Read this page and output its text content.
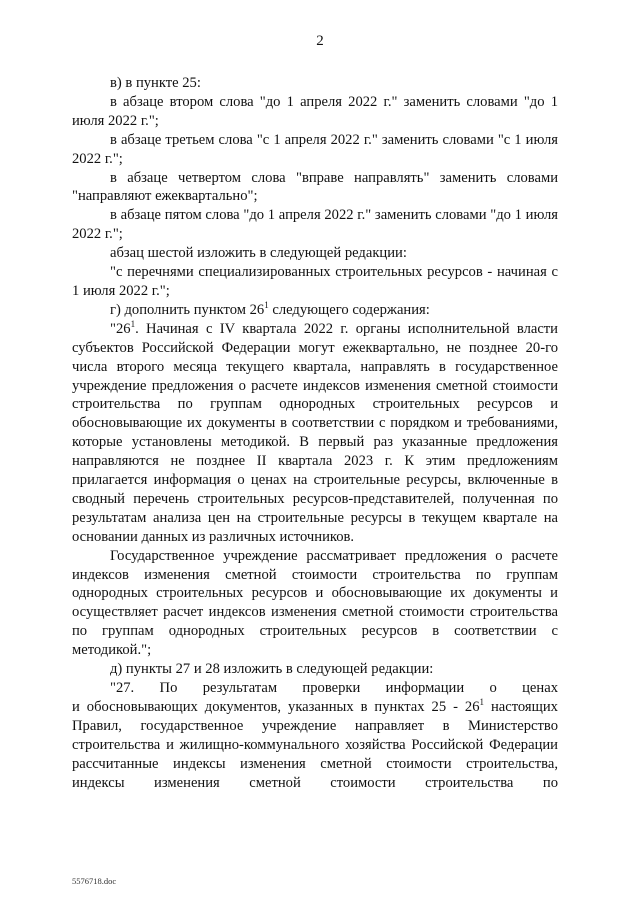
2

в) в пункте 25:

в абзаце втором слова "до 1 апреля 2022 г." заменить словами "до 1 июля 2022 г.";

в абзаце третьем слова "с 1 апреля 2022 г." заменить словами "с 1 июля 2022 г.";

в абзаце четвертом слова "вправе направлять" заменить словами "направляют ежеквартально";

в абзаце пятом слова "до 1 апреля 2022 г." заменить словами "до 1 июля 2022 г.";

абзац шестой изложить в следующей редакции:

"с перечнями специализированных строительных ресурсов - начиная с 1 июля 2022 г.";

г) дополнить пунктом $26^1$ следующего содержания:

"$26^1$. Начиная с IV квартала 2022 г. органы исполнительной власти субъектов Российской Федерации могут ежеквартально, не позднее 20-го числа второго месяца текущего квартала, направлять в государственное учреждение предложения о расчете индексов изменения сметной стоимости строительства по группам однородных строительных ресурсов и обосновывающие их документы в соответствии с порядком и требованиями, которые установлены методикой. В первый раз указанные предложения направляются не позднее II квартала 2023 г. К этим предложениям прилагается информация о ценах на строительные ресурсы, включенные в сводный перечень строительных ресурсов-представителей, полученная по результатам анализа цен на строительные ресурсы в текущем квартале на основании данных из различных источников.

Государственное учреждение рассматривает предложения о расчете индексов изменения сметной стоимости строительства по группам однородных строительных ресурсов и обосновывающие их документы и осуществляет расчет индексов изменения сметной стоимости строительства по группам однородных строительных ресурсов в соответствии с методикой.";

д) пункты 27 и 28 изложить в следующей редакции:

"27. По результатам проверки информации о ценах

и обосновывающих документов, указанных в пунктах $25 - 26^1$ настоящих Правил, государственное учреждение направляет в Министерство строительства и жилищно-коммунального хозяйства Российской Федерации рассчитанные индексы изменения сметной стоимости строительства, индексы изменения сметной стоимости строительства по

5576718.doc
